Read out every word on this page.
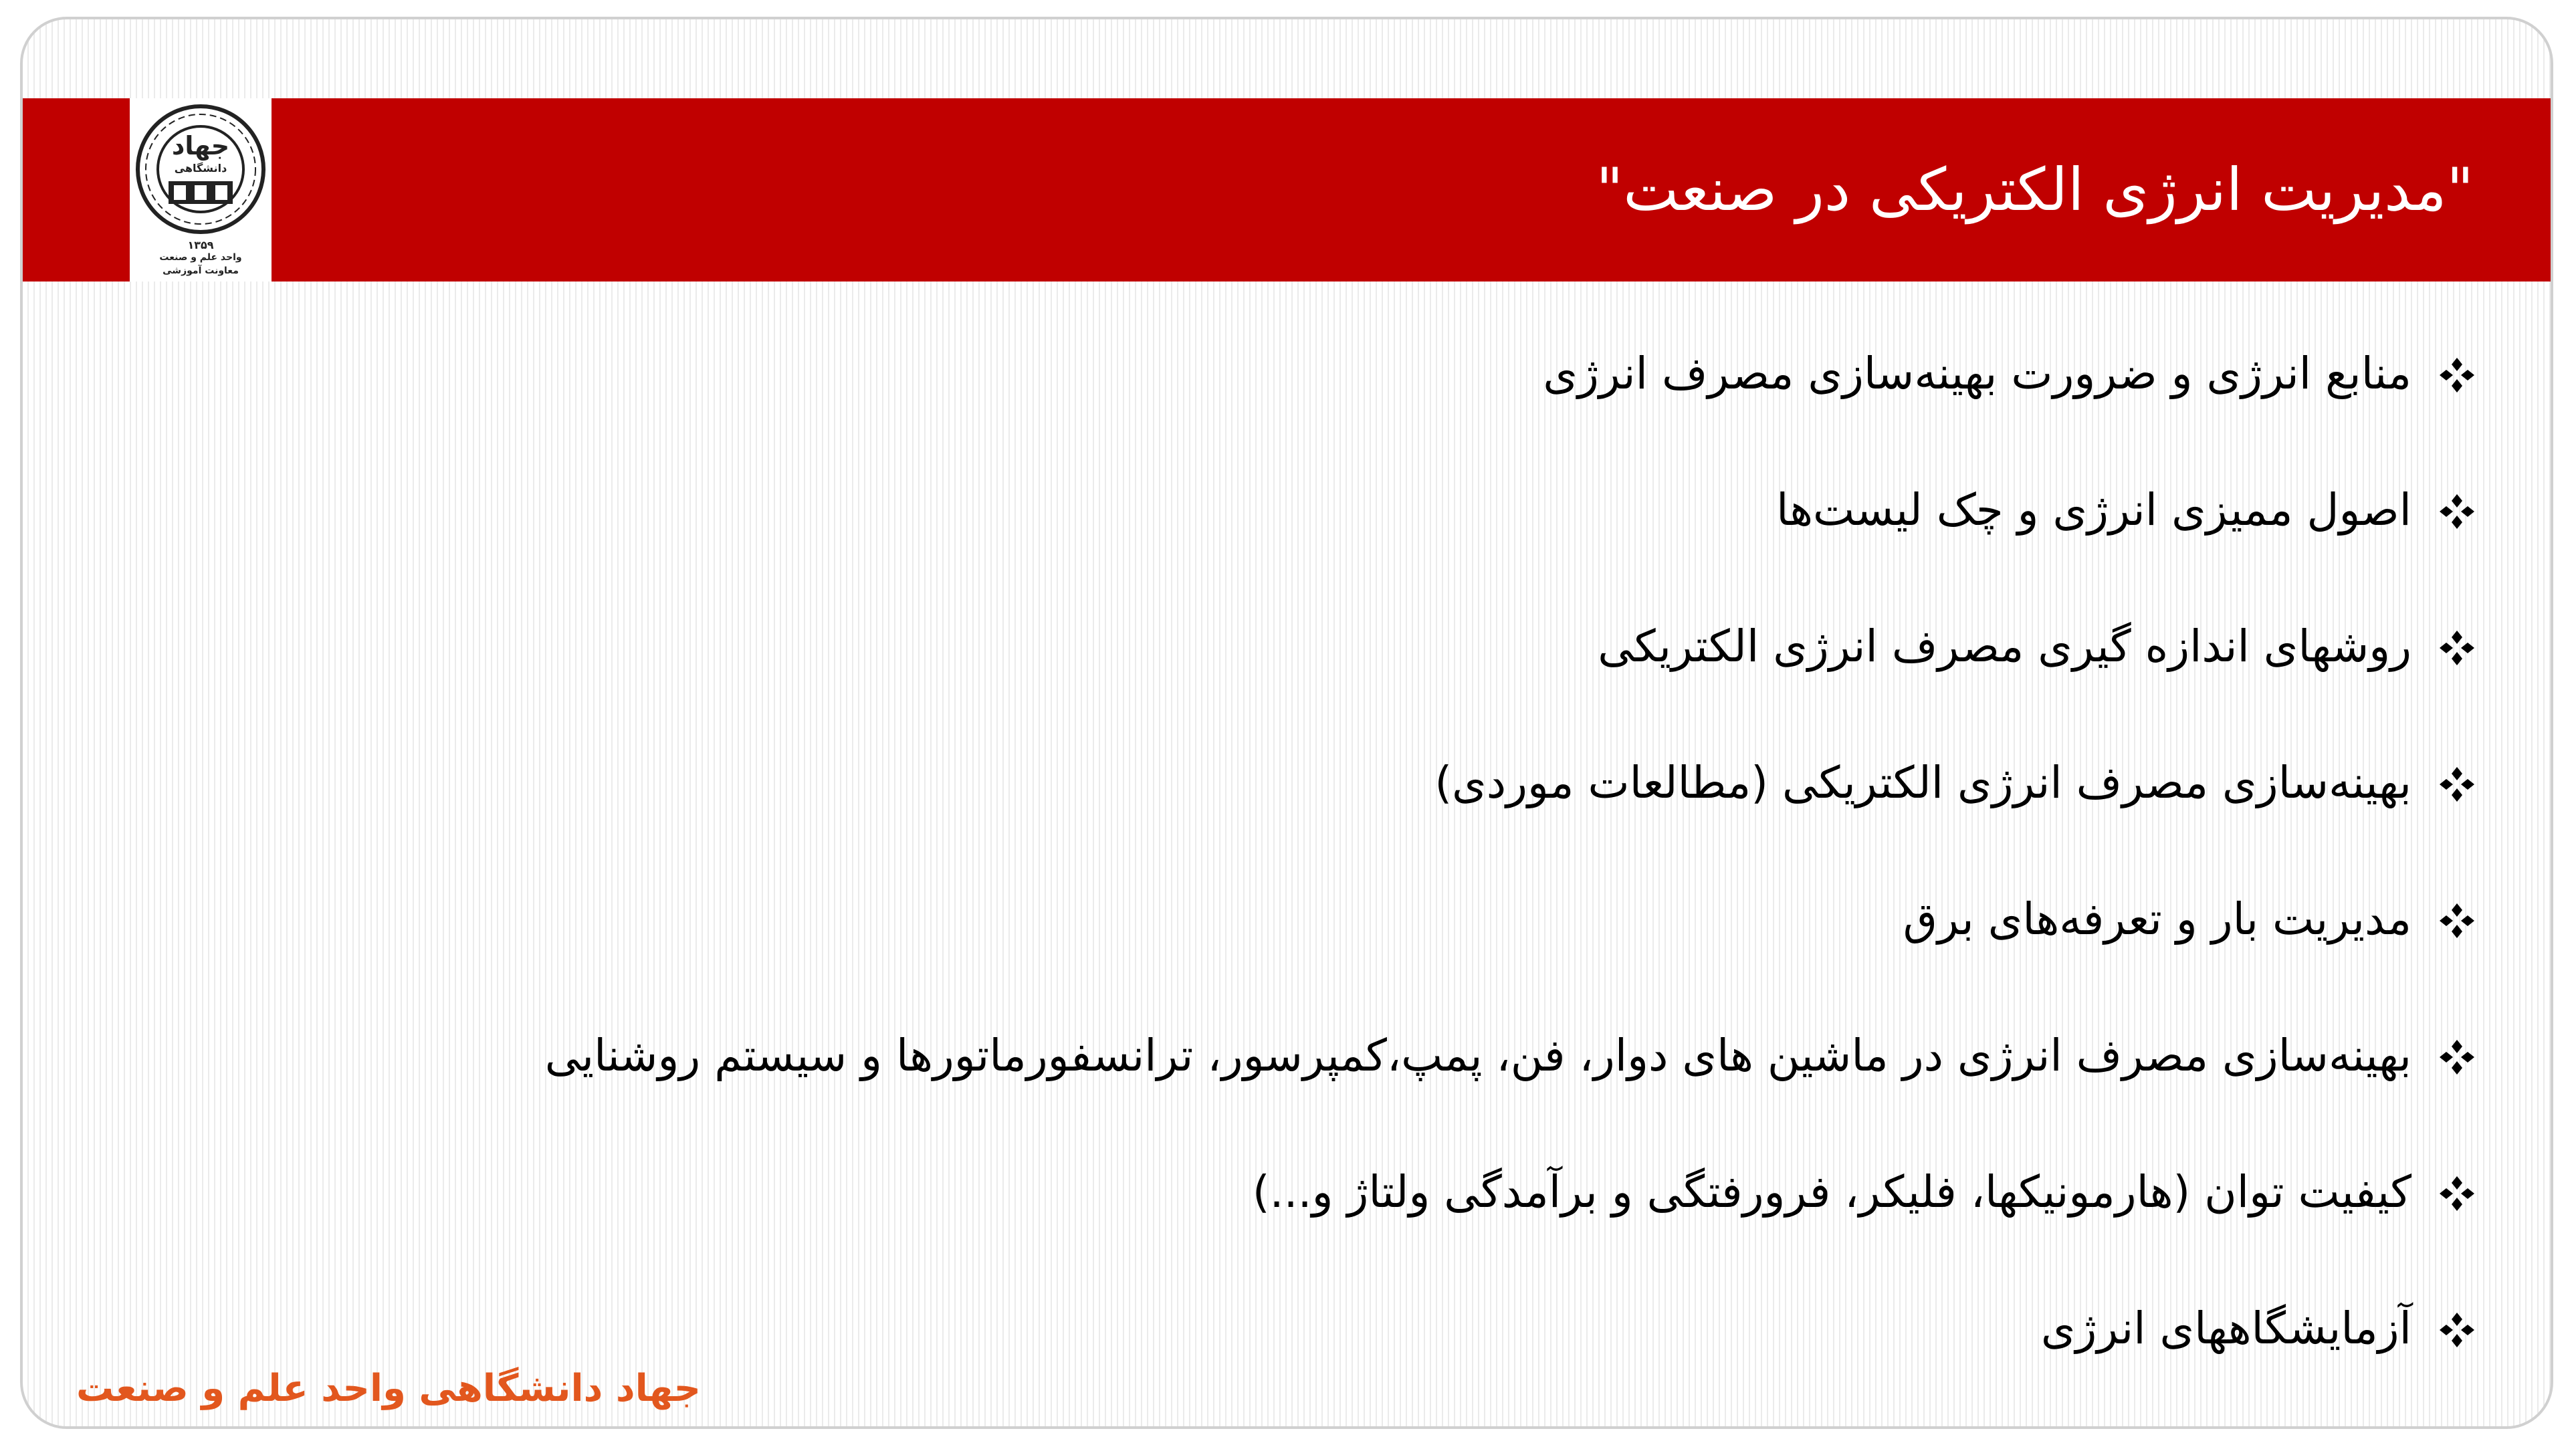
"مدیریت انرژی الکتریکی در صنعت"
جهاد
دانشگاهی
۱۳۵۹
واحد علم و صنعت
معاونت آموزشی
منابع انرژی و ضرورت بهینه‌سازی مصرف انرژی
اصول ممیزی انرژی و چک لیست‌ها
روشهای اندازه گیری مصرف انرژی الکتریکی
بهینه‌سازی مصرف انرژی الکتریکی (مطالعات موردی)
مدیریت بار و تعرفه‌های برق
بهینه‌سازی مصرف انرژی در ماشین های دوار، فن، پمپ،کمپرسور، ترانسفورماتورها و سیستم روشنایی
کیفیت توان (هارمونیکها، فلیکر، فرورفتگی و برآمدگی ولتاژ و...)
آزمایشگاههای انرژی
جهاد دانشگاهی واحد علم و صنعت
